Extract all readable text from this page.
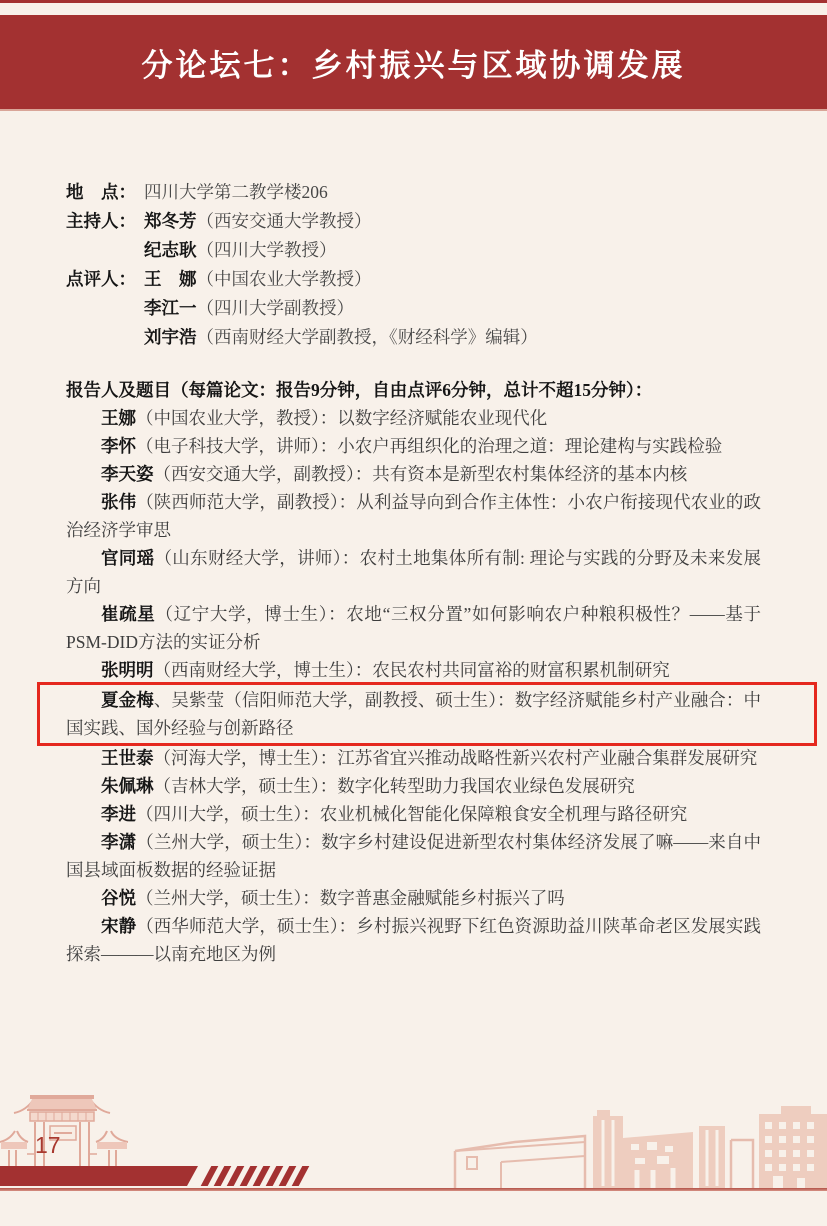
分论坛七：乡村振兴与区域协调发展
地　点： 四川大学第二教学楼206
主持人： 郑冬芳（西安交通大学教授）
纪志耿（四川大学教授）
点评人： 王　娜（中国农业大学教授）
李江一（四川大学副教授）
刘宇浩（西南财经大学副教授，《财经科学》编辑）

报告人及题目（每篇论文：报告9分钟，自由点评6分钟，总计不超15分钟）：

王娜（中国农业大学，教授）：以数字经济赋能农业现代化

李怀（电子科技大学，讲师）：小农户再组织化的治理之道：理论建构与实践检验

李天姿（西安交通大学，副教授）：共有资本是新型农村集体经济的基本内核

张伟（陕西师范大学，副教授）：从利益导向到合作主体性：小农户衔接现代农业的政治经济学审思

官同瑶（山东财经大学，讲师）：农村土地集体所有制: 理论与实践的分野及未来发展方向

崔疏星（辽宁大学，博士生）：农地“三权分置”如何影响农户种粮积极性？——基于PSM-DID方法的实证分析

张明明（西南财经大学，博士生）：农民农村共同富裕的财富积累机制研究

夏金梅、吴紫莹（信阳师范大学，副教授、硕士生）：数字经济赋能乡村产业融合：中国实践、国外经验与创新路径

王世泰（河海大学，博士生）：江苏省宜兴推动战略性新兴农村产业融合集群发展研究

朱佩琳（吉林大学，硕士生）：数字化转型助力我国农业绿色发展研究

李进（四川大学，硕士生）：农业机械化智能化保障粮食安全机理与路径研究

李潇（兰州大学，硕士生）：数字乡村建设促进新型农村集体经济发展了嘛——来自中国县域面板数据的经验证据

谷悦（兰州大学，硕士生）：数字普惠金融赋能乡村振兴了吗

宋静（西华师范大学，硕士生）：乡村振兴视野下红色资源助益川陕革命老区发展实践探索———以南充地区为例

17
